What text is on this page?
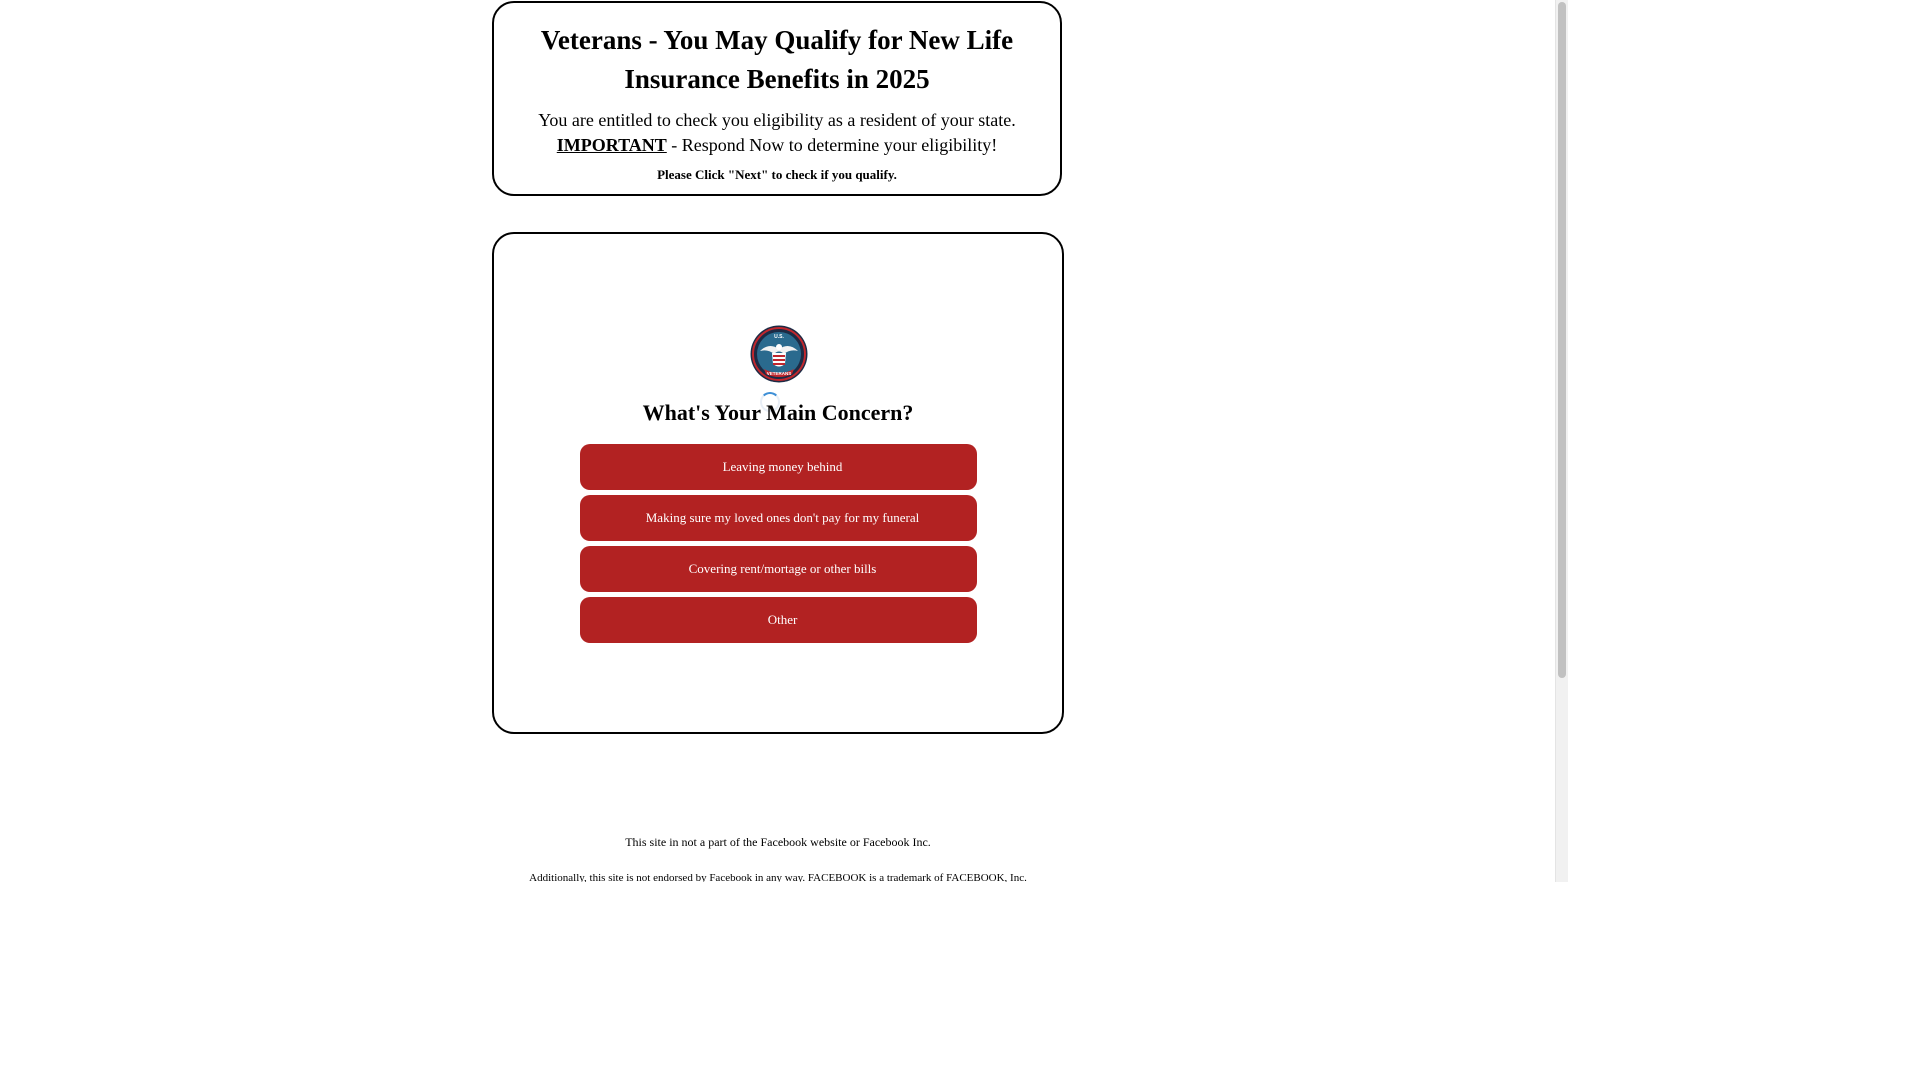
Veterans - You May Qualify for New Life Insurance Benefits in 2025
You are entitled to check you eligibility as a resident of your state.
IMPORTANT - Respond Now to determine your eligibility!
Please Click "Next" to check if you qualify.
U.S.
VETERANS
What's Your Main Concern?
Leaving money behind
Making sure my loved ones don't pay for my funeral
Covering rent/mortage or other bills
Other
This site in not a part of the Facebook website or Facebook Inc.
Additionally, this site is not endorsed by Facebook in any way. FACEBOOK is a trademark of FACEBOOK, Inc.
